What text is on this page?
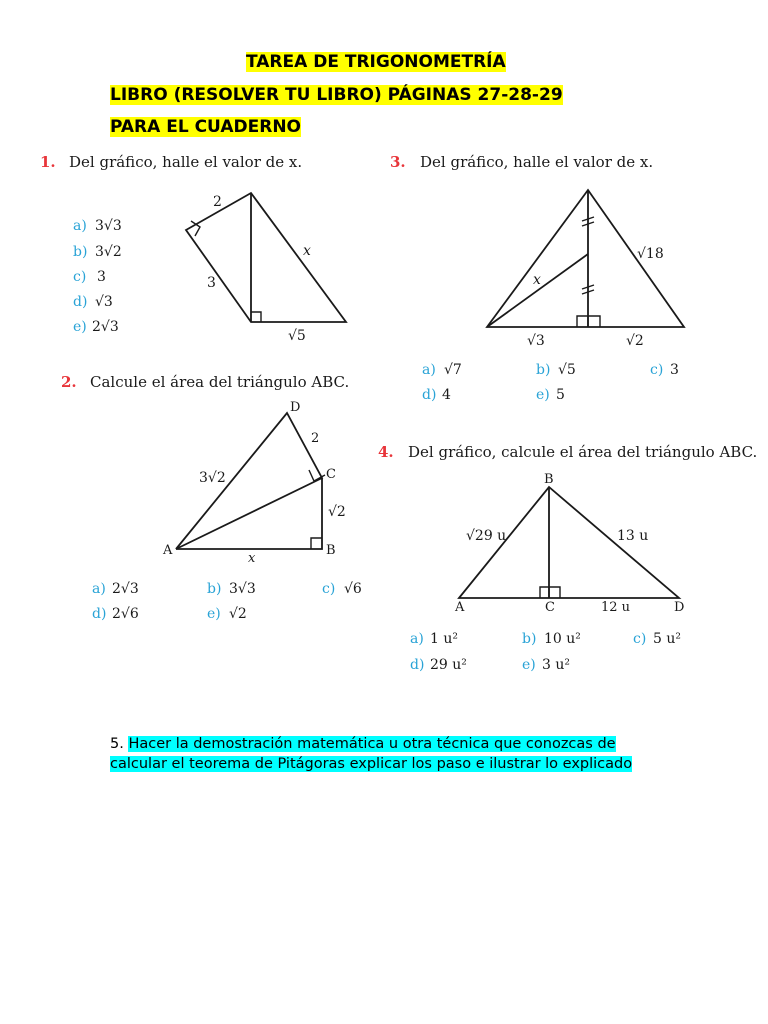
TAREA DE TRIGONOMETRÍA

LIBRO (RESOLVER TU LIBRO) PÁGINAS 27-28-29

PARA EL CUADERNO

1. Del gráfico, halle el valor de x.
2
3
x
√5
a) 3√3
b) 3√2
c) 3
d) √3
e) 2√3
3. Del gráfico, halle el valor de x.
x
√18
√3	√2
a) √7	b) √5	c) 3
d) 4	e) 5
2. Calcule el área del triángulo ABC.
D
2
3√2	C
√2
A
x
B
a) 2√3	b) 3√3	c) √6
d) 2√6	e) √2
4. Del gráfico, calcule el área del triángulo ABC.
B
√29 u	13 u
A	C	12 u	D
a) 1 u²	b) 10 u²	c) 5 u²
d) 29 u²	e) 3 u²
5. Hacer la demostración matemática u otra técnica que conozcas de calcular el teorema de Pitágoras explicar los paso e ilustrar lo explicado
